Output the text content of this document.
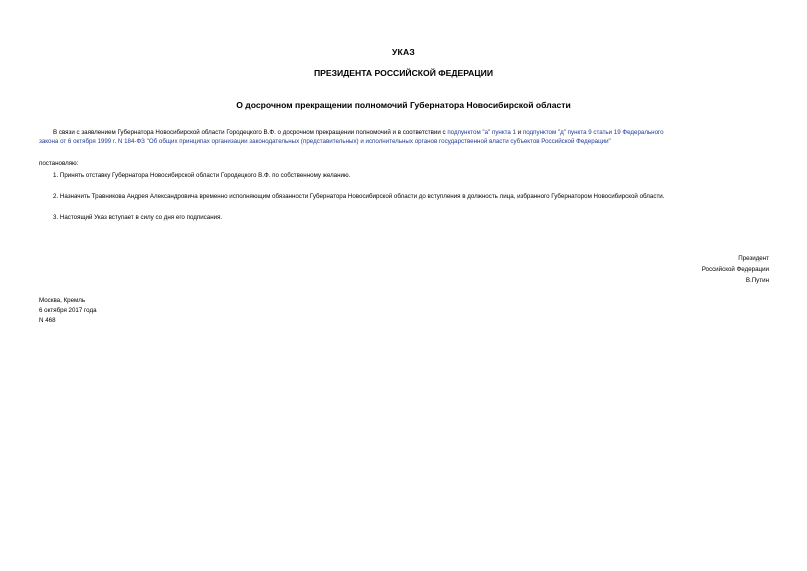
УКАЗ
ПРЕЗИДЕНТА РОССИЙСКОЙ ФЕДЕРАЦИИ
О досрочном прекращении полномочий Губернатора Новосибирской области
В связи с заявлением Губернатора Новосибирской области Городецкого В.Ф. о досрочном прекращении полномочий и в соответствии с подпунктом "а" пункта 1 и подпунктом "д" пункта 9 статьи 19 Федерального
закона от 6 октября 1999 г. N 184-ФЗ "Об общих принципах организации законодательных (представительных) и исполнительных органов государственной власти субъектов Российской Федерации"
постановляю:
1. Принять отставку Губернатора Новосибирской области Городецкого В.Ф. по собственному желанию.
2. Назначить Травникова Андрея Александровича временно исполняющим обязанности Губернатора Новосибирской области до вступления в должность лица, избранного Губернатором Новосибирской области.
3. Настоящий Указ вступает в силу со дня его подписания.
Президент
Российской Федерации
В.Путин
Москва, Кремль
6 октября 2017 года
N 468
